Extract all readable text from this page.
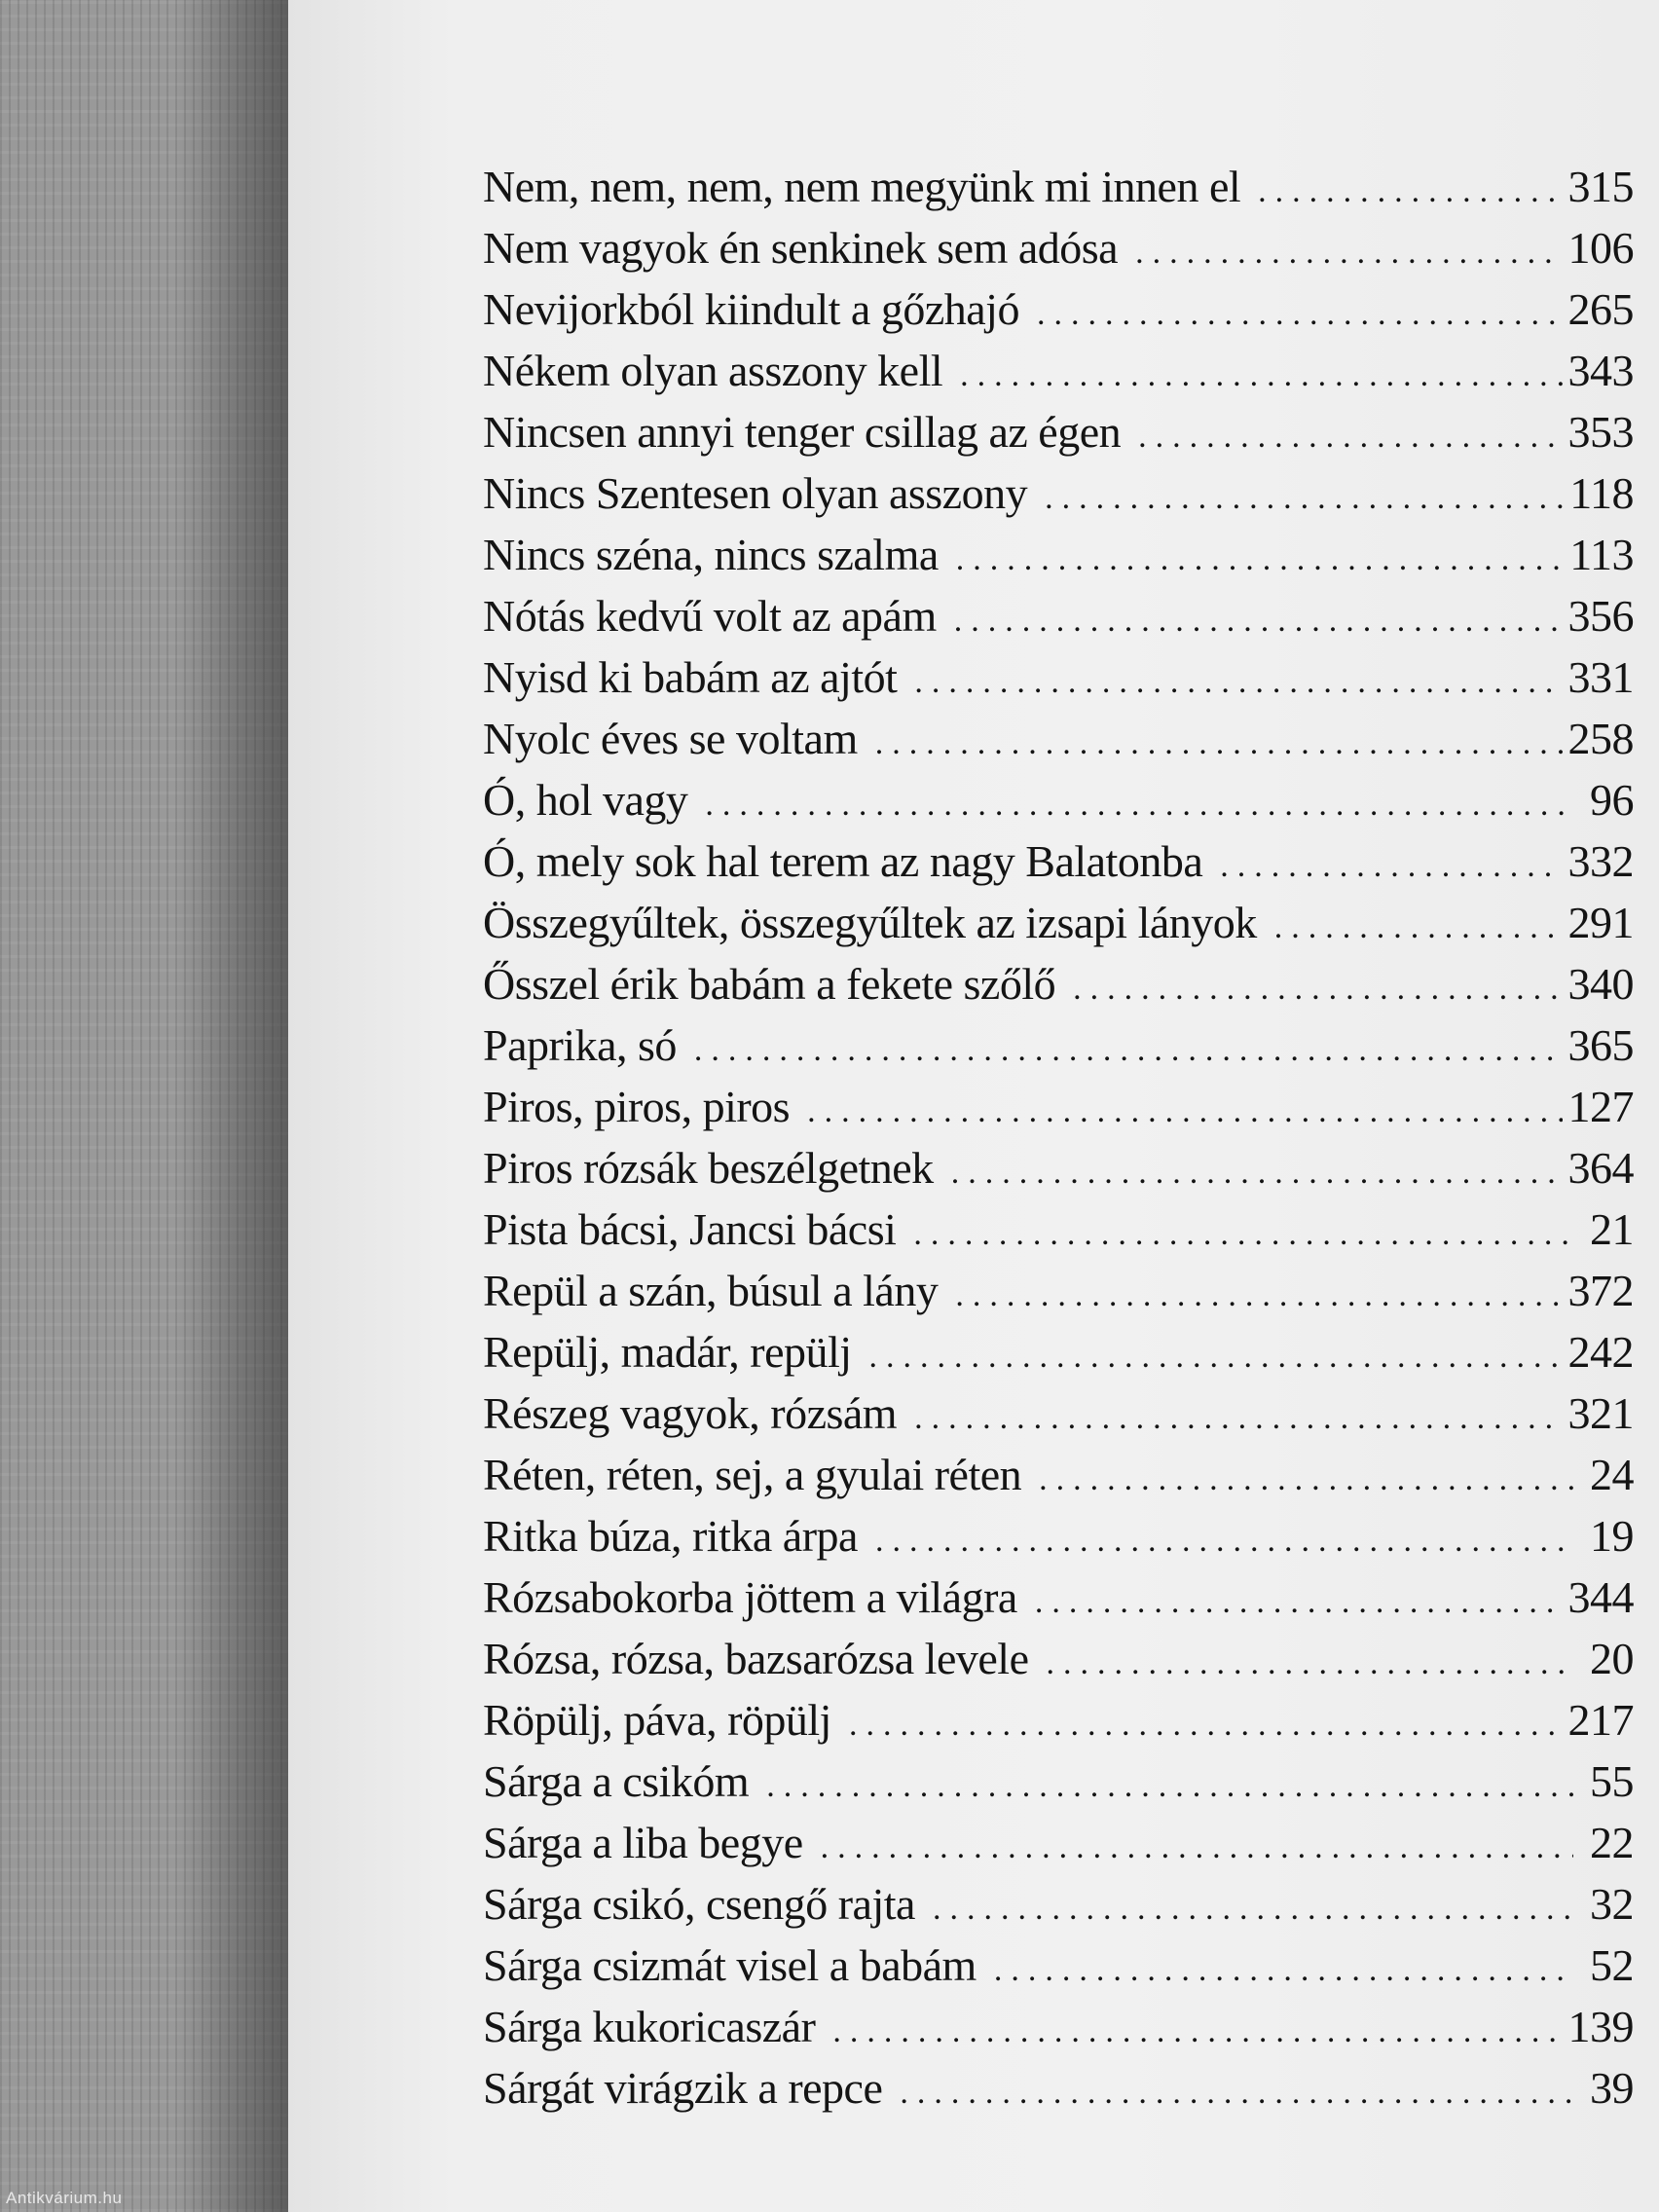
Nem, nem, nem, nem megyünk mi innen el .....	315
Nem vagyok én senkinek sem adósa .....	106
Nevijorkból kiindult a gőzhajó .....	265
Nékem olyan asszony kell .....	343
Nincsen annyi tenger csillag az égen .....	353
Nincs Szentesen olyan asszony .....	118
Nincs széna, nincs szalma .....	113
Nótás kedvű volt az apám .....	356
Nyisd ki babám az ajtót .....	331
Nyolc éves se voltam .....	258
Ó, hol vagy .....	96
Ó, mely sok hal terem az nagy Balatonba .....	332
Összegyűltek, összegyűltek az izsapi lányok .....	291
Ősszel érik babám a fekete szőlő .....	340
Paprika, só .....	365
Piros, piros, piros .....	127
Piros rózsák beszélgetnek .....	364
Pista bácsi, Jancsi bácsi .....	21
Repül a szán, búsul a lány .....	372
Repülj, madár, repülj .....	242
Részeg vagyok, rózsám .....	321
Réten, réten, sej, a gyulai réten .....	24
Ritka búza, ritka árpa .....	19
Rózsabokorba jöttem a világra .....	344
Rózsa, rózsa, bazsarózsa levele .....	20
Röpülj, páva, röpülj .....	217
Sárga a csikóm .....	55
Sárga a liba begye .....	22
Sárga csikó, csengő rajta .....	32
Sárga csizmát visel a babám .....	52
Sárga kukoricaszár .....	139
Sárgát virágzik a repce .....	39
Antikvárium.hu
